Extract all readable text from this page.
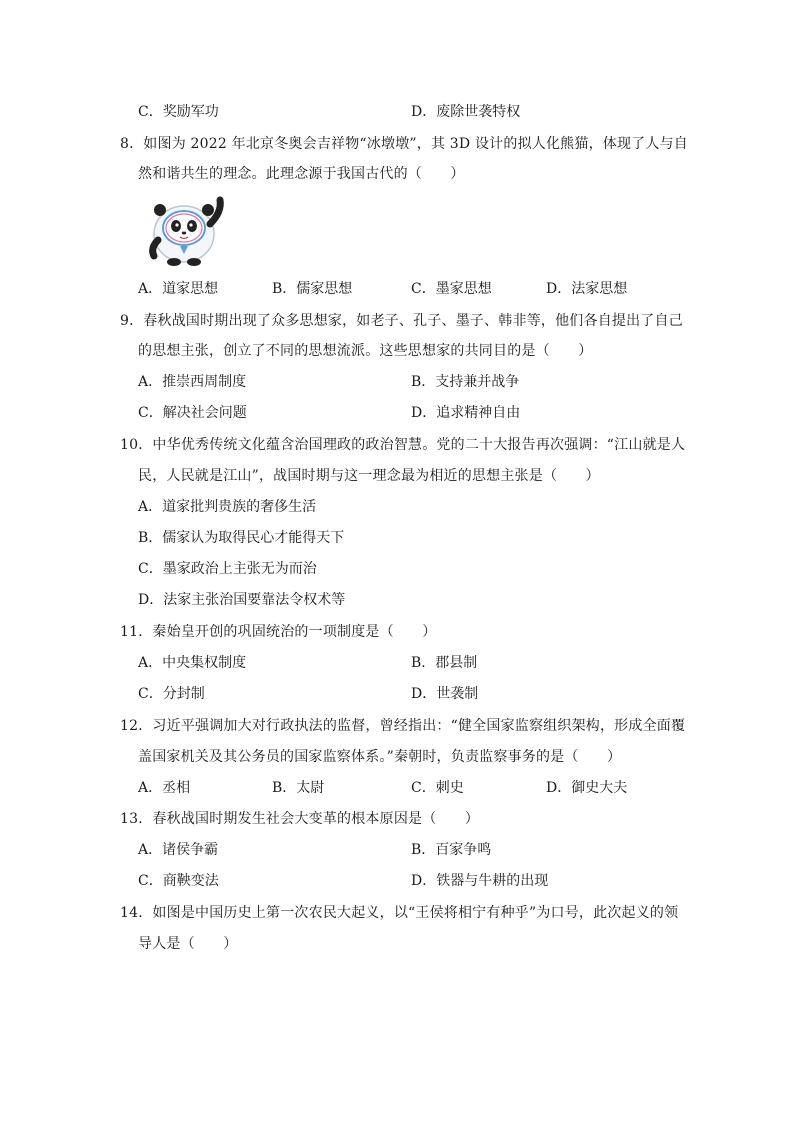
C．奖励军功	D．废除世袭特权
8．如图为 2022 年北京冬奥会吉祥物“冰墩墩”，其 3D 设计的拟人化熊猫，体现了人与自
然和谐共生的理念。此理念源于我国古代的（　　）
A．道家思想	B．儒家思想	C．墨家思想	D．法家思想
9．春秋战国时期出现了众多思想家，如老子、孔子、墨子、韩非等，他们各自提出了自己
的思想主张，创立了不同的思想流派。这些思想家的共同目的是（　　）
A．推崇西周制度	B．支持兼并战争
C．解决社会问题	D．追求精神自由
10．中华优秀传统文化蕴含治国理政的政治智慧。党的二十大报告再次强调：“江山就是人
民，人民就是江山”，战国时期与这一理念最为相近的思想主张是（　　）
A．道家批判贵族的奢侈生活
B．儒家认为取得民心才能得天下
C．墨家政治上主张无为而治
D．法家主张治国要靠法令权术等
11．秦始皇开创的巩固统治的一项制度是（　　）
A．中央集权制度	B．郡县制
C．分封制	D．世袭制
12．习近平强调加大对行政执法的监督，曾经指出：“健全国家监察组织架构，形成全面覆
盖国家机关及其公务员的国家监察体系。”秦朝时，负责监察事务的是（　　）
A．丞相	B．太尉	C．刺史	D．御史大夫
13．春秋战国时期发生社会大变革的根本原因是（　　）
A．诸侯争霸	B．百家争鸣
C．商鞅变法	D．铁器与牛耕的出现
14．如图是中国历史上第一次农民大起义，以“王侯将相宁有种乎”为口号，此次起义的领
导人是（　　）
